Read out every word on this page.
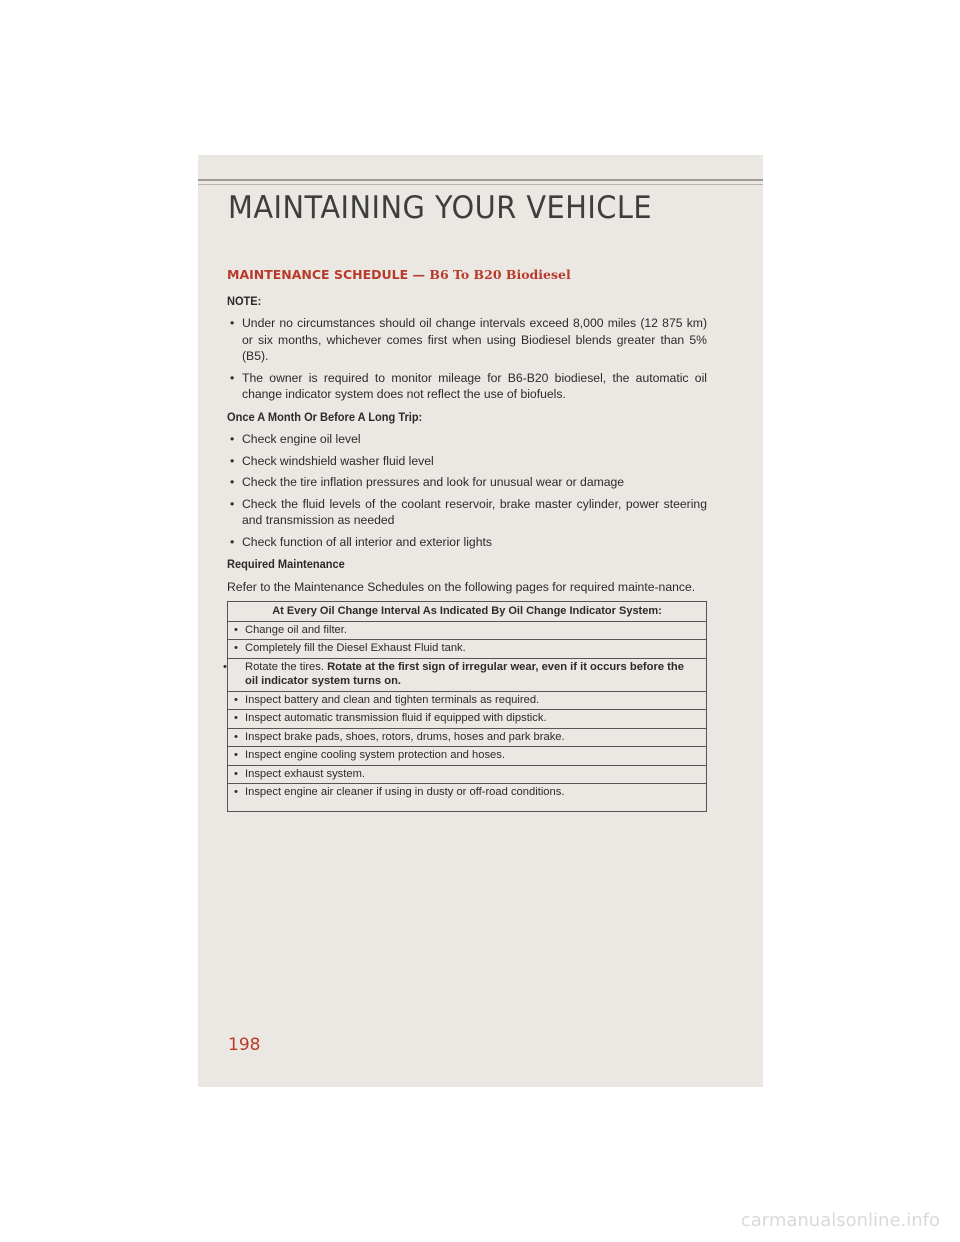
MAINTAINING YOUR VEHICLE
MAINTENANCE SCHEDULE — B6 To B20 Biodiesel
NOTE:
• Under no circumstances should oil change intervals exceed 8,000 miles (12 875 km) or six months, whichever comes first when using Biodiesel blends greater than 5% (B5).
• The owner is required to monitor mileage for B6-B20 biodiesel, the automatic oil change indicator system does not reflect the use of biofuels.
Once A Month Or Before A Long Trip:
• Check engine oil level
• Check windshield washer fluid level
• Check the tire inflation pressures and look for unusual wear or damage
• Check the fluid levels of the coolant reservoir, brake master cylinder, power steering and transmission as needed
• Check function of all interior and exterior lights
Required Maintenance

Refer to the Maintenance Schedules on the following pages for required mainte-nance.

At Every Oil Change Interval As Indicated By Oil Change Indicator System:
• Change oil and filter.
• Completely fill the Diesel Exhaust Fluid tank.
• Rotate the tires. Rotate at the first sign of irregular wear, even if it occurs before the oil indicator system turns on.
• Inspect battery and clean and tighten terminals as required.
• Inspect automatic transmission fluid if equipped with dipstick.
• Inspect brake pads, shoes, rotors, drums, hoses and park brake.
• Inspect engine cooling system protection and hoses.
• Inspect exhaust system.
• Inspect engine air cleaner if using in dusty or off-road conditions.
198
carmanualsonline.info
